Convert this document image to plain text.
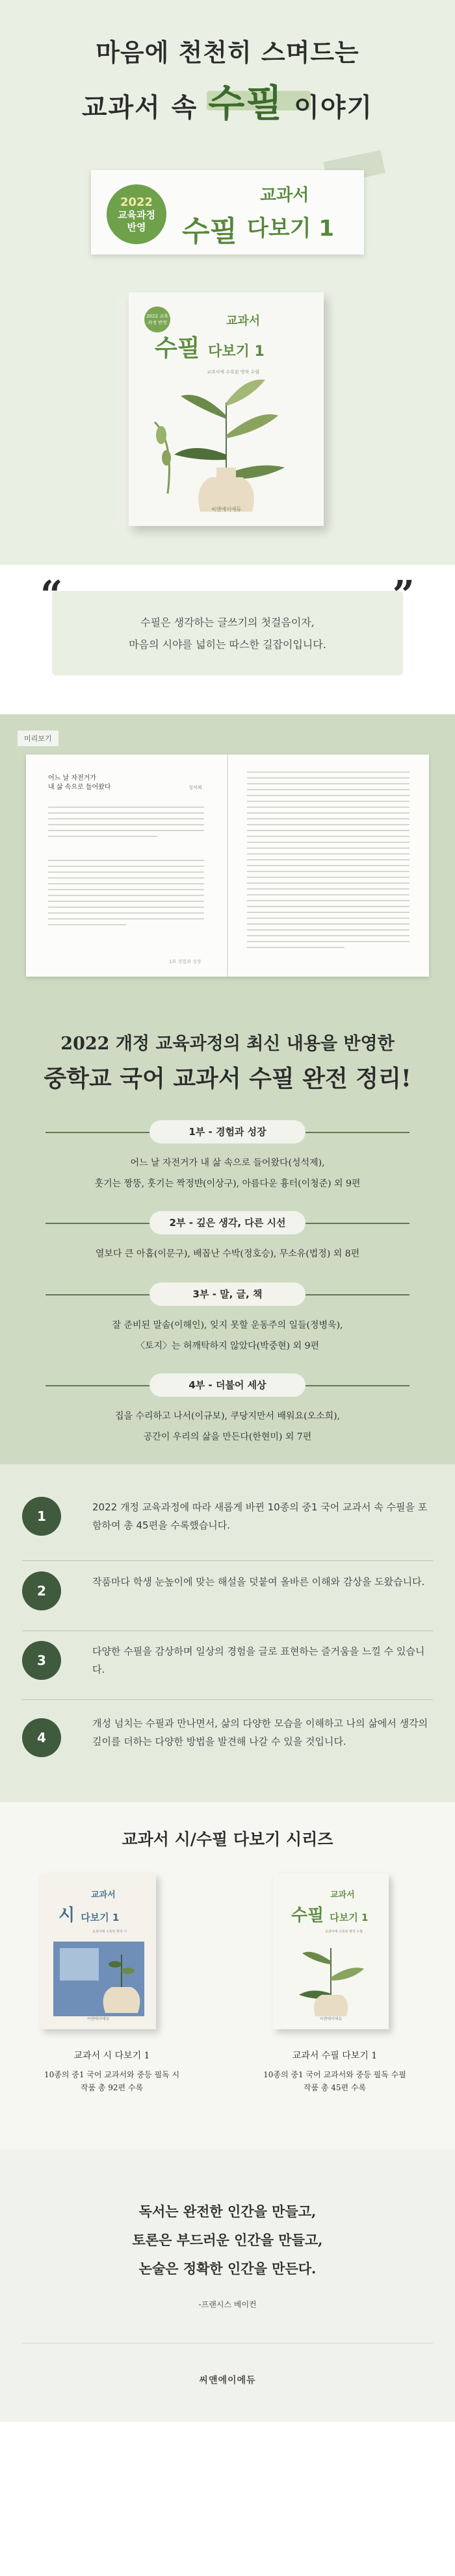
마음에 천천히 스며드는
교과서 속 수필 이야기
2022
교육과정
반영
교과서
수필 다보기 1
2022 교육과정 반영	교과서
수필 다보기 1
교과서에 수록된 명작 수필
씨앤에이에듀
“	”
수필은 생각하는 글쓰기의 첫걸음이자,
마음의 시야를 넓히는 따스한 길잡이입니다.
미리보기
어느 날 자전거가
내 삶 속으로 들어왔다	성석제
1부 경험과 성장
2022 개정 교육과정의 최신 내용을 반영한
중학교 국어 교과서 수필 완전 정리!
1부 - 경험과 성장
어느 날 자전거가 내 삶 속으로 들어왔다(성석제),
훗기는 짱뚱, 훗기는 짝정뱐(이상구), 아름다운 흉터(이청준) 외 9편
2부 - 깊은 생각, 다른 시선
열보다 큰 아홉(이문구), 배꼽난 수박(정호승), 무소유(법정) 외 8편
3부 - 말, 글, 책
잘 준비된 말솜(이해인), 잊지 못할 운동주의 일들(정병욱),
〈토지〉는 허깨탁하지 않았다(박중현) 외 9편
4부 - 더불어 세상
집을 수리하고 나서(이규보), 쿠당지만서 배워요(오소희),
공간이 우리의 삶을 만든다(한현미) 외 7편
1
2022 개정 교육과정에 따라 새롭게 바뀐 10종의 중1 국어 교과서 속 수필을 포함하여 총 45편을 수록했습니다.
2
작품마다 학생 눈높이에 맞는 해설을 덧붙여 올바른 이해와 감상을 도왔습니다.
3
다양한 수필을 감상하며 일상의 경험을 글로 표현하는 즐거움을 느낄 수 있습니다.
4
개성 넘치는 수필과 만나면서, 삶의 다양한 모습을 이해하고 나의 삶에서 생각의 깊이를 더하는 다양한 방법을 발견해 나갈 수 있을 것입니다.
교과서 시/수필 다보기 시리즈
교과서
시 다보기 1
교과서에 수록된 명작 시
씨앤에이에듀
교과서
수필 다보기 1
교과서에 수록된 명작 수필
씨앤에이에듀
교과서 시 다보기 1
10종의 중1 국어 교과서와 중등 필독 시
작품 총 92편 수록
교과서 수필 다보기 1
10종의 중1 국어 교과서와 중등 필독 수필
작품 총 45편 수록
독서는 완전한 인간을 만들고,
토론은 부드러운 인간을 만들고,
논술은 정확한 인간을 만든다.
-프랜시스 베이컨
씨앤에이에듀
